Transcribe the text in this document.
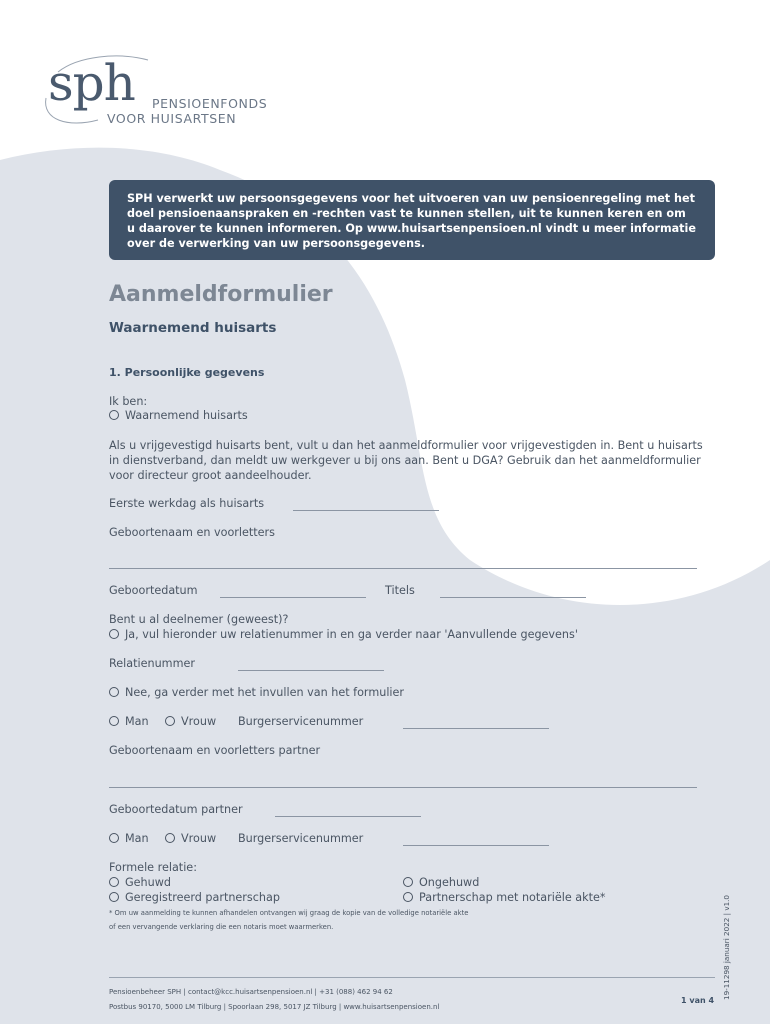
sph PENSIOENFONDS
VOOR HUISARTSEN
SPH verwerkt uw persoonsgegevens voor het uitvoeren van uw pensioenregeling met het doel pensioenaanspraken en -rechten vast te kunnen stellen, uit te kunnen keren en om u daarover te kunnen informeren. Op www.huisartsenpensioen.nl vindt u meer informatie over de verwerking van uw persoonsgegevens.
Aanmeldformulier
Waarnemend huisarts
1. Persoonlijke gegevens
Ik ben:
Waarnemend huisarts
Als u vrijgevestigd huisarts bent, vult u dan het aanmeldformulier voor vrijgevestigden in. Bent u huisarts in dienstverband, dan meldt uw werkgever u bij ons aan. Bent u DGA? Gebruik dan het aanmeldformulier voor directeur groot aandeelhouder.
Eerste werkdag als huisarts
Geboortenaam en voorletters
Geboortedatum	Titels
Bent u al deelnemer (geweest)?
Ja, vul hieronder uw relatienummer in en ga verder naar 'Aanvullende gegevens'
Relatienummer
Nee, ga verder met het invullen van het formulier
Man	Vrouw Burgerservicenummer
Geboortenaam en voorletters partner
Geboortedatum partner
Man	Vrouw Burgerservicenummer
Formele relatie:
Gehuwd	Ongehuwd
Geregistreerd partnerschap	Partnerschap met notariële akte*
* Om uw aanmelding te kunnen afhandelen ontvangen wij graag de kopie van de volledige notariële akte
of een vervangende verklaring die een notaris moet waarmerken.
Pensioenbeheer SPH | contact@kcc.huisartsenpensioen.nl | +31 (088) 462 94 62
Postbus 90170, 5000 LM Tilburg | Spoorlaan 298, 5017 JZ Tilburg | www.huisartsenpensioen.nl
1 van 4
19-11298 januari 2022 | v1.0
